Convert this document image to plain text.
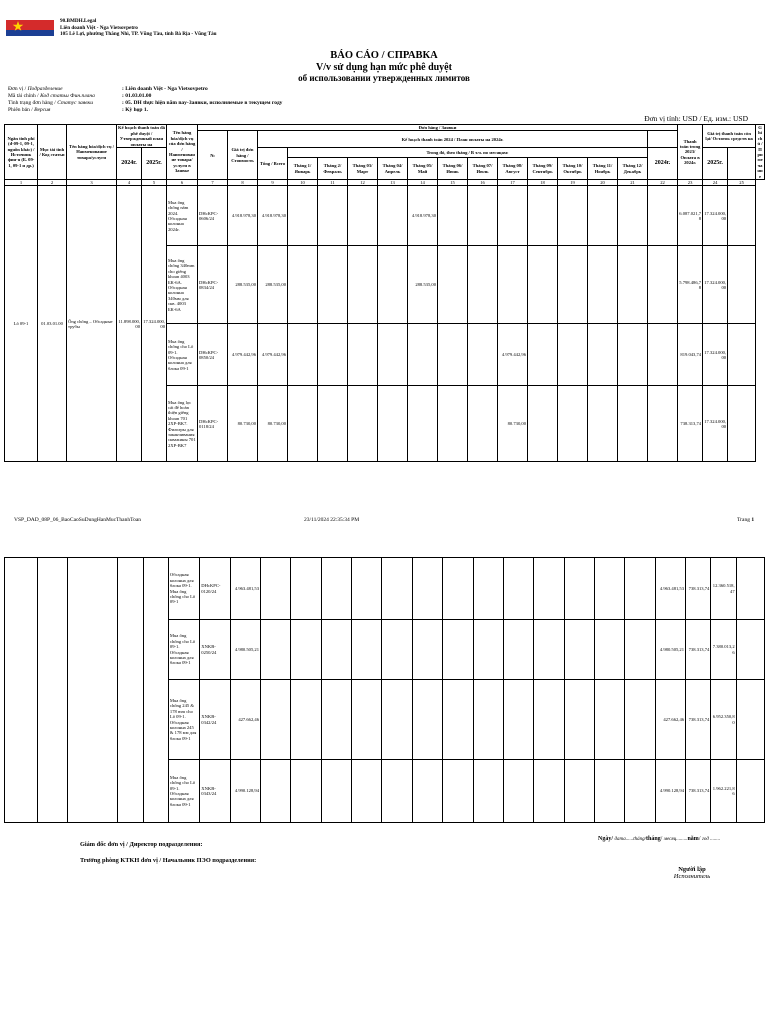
90.BMDH.Legal
Liên doanh Việt - Nga Vietsovpetro
105 Lê Lợi, phường Thắng Nhì, TP. Vũng Tàu, tỉnh Bà Rịa - Vũng Tàu
BÁO CÁO / СПРАВКА
V/v sử dụng hạn mức phê duyệt
об использовании утвержденных лимитов
Đơn vị / Подразделение	: Liên doanh Việt - Nga Vietsovpetro
Mã tài chính / Код статьи Фин.плана	: 01.03.01.00
Tình trạng đơn hàng / Статус заявки	: 05. DH thực hiện năm nay-Заявки, исполняемые в текущем году
Phiên bản / Версия	: Kỳ họp 1.
Đơn vị tính: USD / Ед. изм.: USD
Ngân tính phí (đ-09-1, 09-1, nguồn khác) / Источник фин-я (Б. 09-1, 09-1 и др.)	Mục tài tính / Код статьи	Tên hàng hóa/dịch vụ / Наименование товара/услуги	Kế hoạch thanh toán đã phê duyệt / Утвержденный план оплаты на		Tên hàng hóa/dịch vụ của đơn hàng / Наименование товара/услуги в Заявке	Đơn hàng / Заявки																Thanh toán trong 2023/ Оплата в 2024г.	Giá trị thanh toán còn lại/ Остаток средств на		Ghi chú / Примечание
						№	Giá trị đơn hàng / Стоимость	Kế hoạch thanh toán 2024 / План оплаты на 2024г.																	
			2024г.	2025г.				Tổng / Всего	Trong đó, theo tháng / В т.ч. по месяцам:												2024г.		2025г.		
									Tháng 1/ Январь	Tháng 2/ Февраль	Tháng 03/ Март	Tháng 04/ Апрель	Tháng 05/ Май	Tháng 06/ Июнь	Tháng 07/ Июль	Tháng 08/ Август	Tháng 09/ Сентябрь	Tháng 10/ Октябрь	Tháng 11/ Ноябрь	Tháng 12/ Декабрь					
1	2	3	4	5	6	7	8	9	10	11	12	13	14	15	16	17	18	19	20	21	22	23	24	25	
Lô 09-1	01.03.01.00	Ống chống – Обсадные трубы	11.898.000,00	17.324.000,00	Mua ống chống năm 2024. Обсадная колонна 2024г.	DHcKPC-0606/24	4.918.978,30	4.918.978,30					4.918.978,30									6.087.021,78	17.324.000,00		
					Mua ống chống 340mm cho giếng khoan 4003 БК-6A. Обсадная колонна 340мм для скв. 4003 БК-6A	DHcKPC-0834/24	288.535,00	288.535,00					288.535,00									5.798.486,78	17.324.000,00		
					Mua ống chống cho Lô 09-1. Обсадная колонна для блока 09-1	DHcKPC-0850/24	4.979.442,96	4.979.442,96								4.979.442,96						819.043,74	17.324.000,00		
					Mua ống lọc cát để hoàn thiện giếng khoan 701 2XP-BK7. Фильтры для заканчивания скважины 701 2XP-BK7	DHcKPC-0118/24	80.730,00	80.730,00								80.730,00						738.313,74	17.324.000,00		
VSP_DAD_08P_06_BaoCaoSuDungHanMucThanhToan	23/11/2024 22:35:34 PM	Trang 1
					Обсадная колонна для блока 09-1. Mua ống chống cho Lô 09-1	DHcKPC-0120/24	4.963.481,53														4.963.481,53	738.313,74	12.360.518,47	
					Mua ống chống cho Lô 09-1. Обсадная колонна для блока 09-1	XNKB-0250/24	4.980.505,21														4.980.505,21	738.313,74	7.380.013,26	
					Mua ống chống 245 & 178 mm cho Lô 09-1. Обсадная колонна 245 & 178 мм для блока 09-1	XNKB-0342/24	427.662,46														427.662,46	738.313,74	6.952.350,80	
					Mua ống chống cho Lô 09-1. Обсадная колонна для блока 09-1	XNKB-0343/24	4.990.128,94														4.990.128,94	738.313,74	1.962.221,86	
Giám đốc đơn vị / Директор подразделения:
Trưởng phòng KTKH đơn vị / Начальник ПЭО подразделения:
Ngày/ дата......tháng/tháng/ месяц.........năm/ год ........
Người lập
Исполнитель
